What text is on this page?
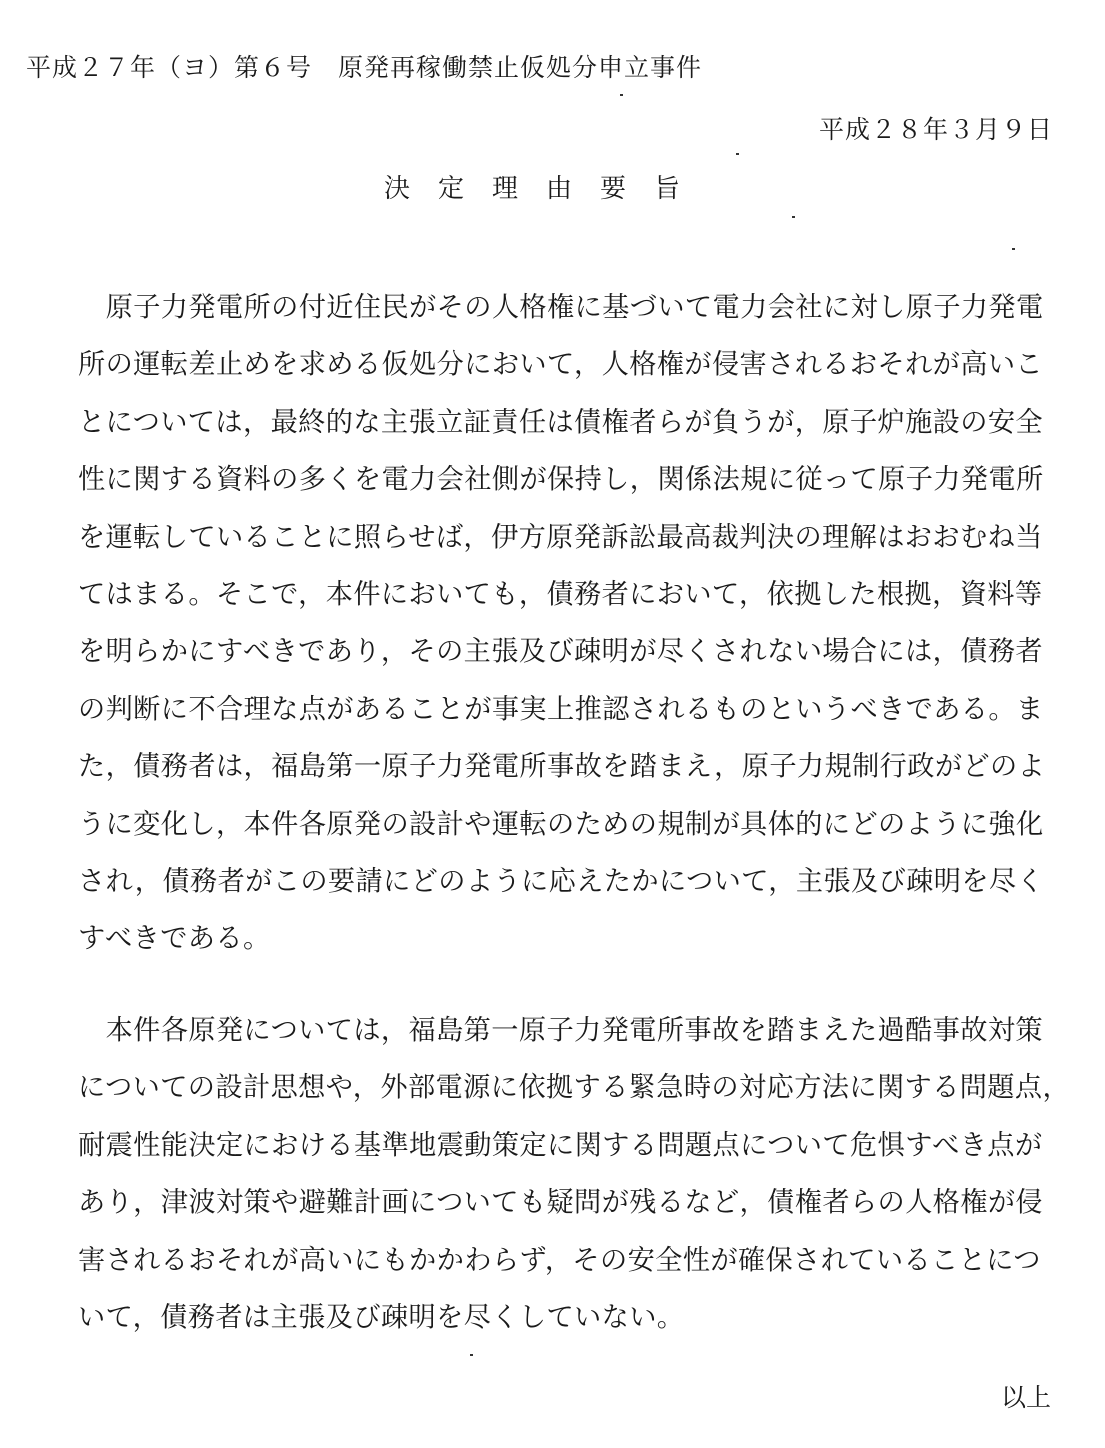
平成２７年（ヨ）第６号　原発再稼働禁止仮処分申立事件
平成２８年３月９日
決定理由要旨
　原子力発電所の付近住民がその人格権に基づいて電力会社に対し原子力発電
所の運転差止めを求める仮処分において，人格権が侵害されるおそれが高いこ
とについては，最終的な主張立証責任は債権者らが負うが，原子炉施設の安全
性に関する資料の多くを電力会社側が保持し，関係法規に従って原子力発電所
を運転していることに照らせば，伊方原発訴訟最高裁判決の理解はおおむね当
てはまる。そこで，本件においても，債務者において，依拠した根拠，資料等
を明らかにすべきであり，その主張及び疎明が尽くされない場合には，債務者
の判断に不合理な点があることが事実上推認されるものというべきである。ま
た，債務者は，福島第一原子力発電所事故を踏まえ，原子力規制行政がどのよ
うに変化し，本件各原発の設計や運転のための規制が具体的にどのように強化
され，債務者がこの要請にどのように応えたかについて，主張及び疎明を尽く
すべきである。
　本件各原発については，福島第一原子力発電所事故を踏まえた過酷事故対策
についての設計思想や，外部電源に依拠する緊急時の対応方法に関する問題点，
耐震性能決定における基準地震動策定に関する問題点について危惧すべき点が
あり，津波対策や避難計画についても疑問が残るなど，債権者らの人格権が侵
害されるおそれが高いにもかかわらず，その安全性が確保されていることにつ
いて，債務者は主張及び疎明を尽くしていない。
以上
